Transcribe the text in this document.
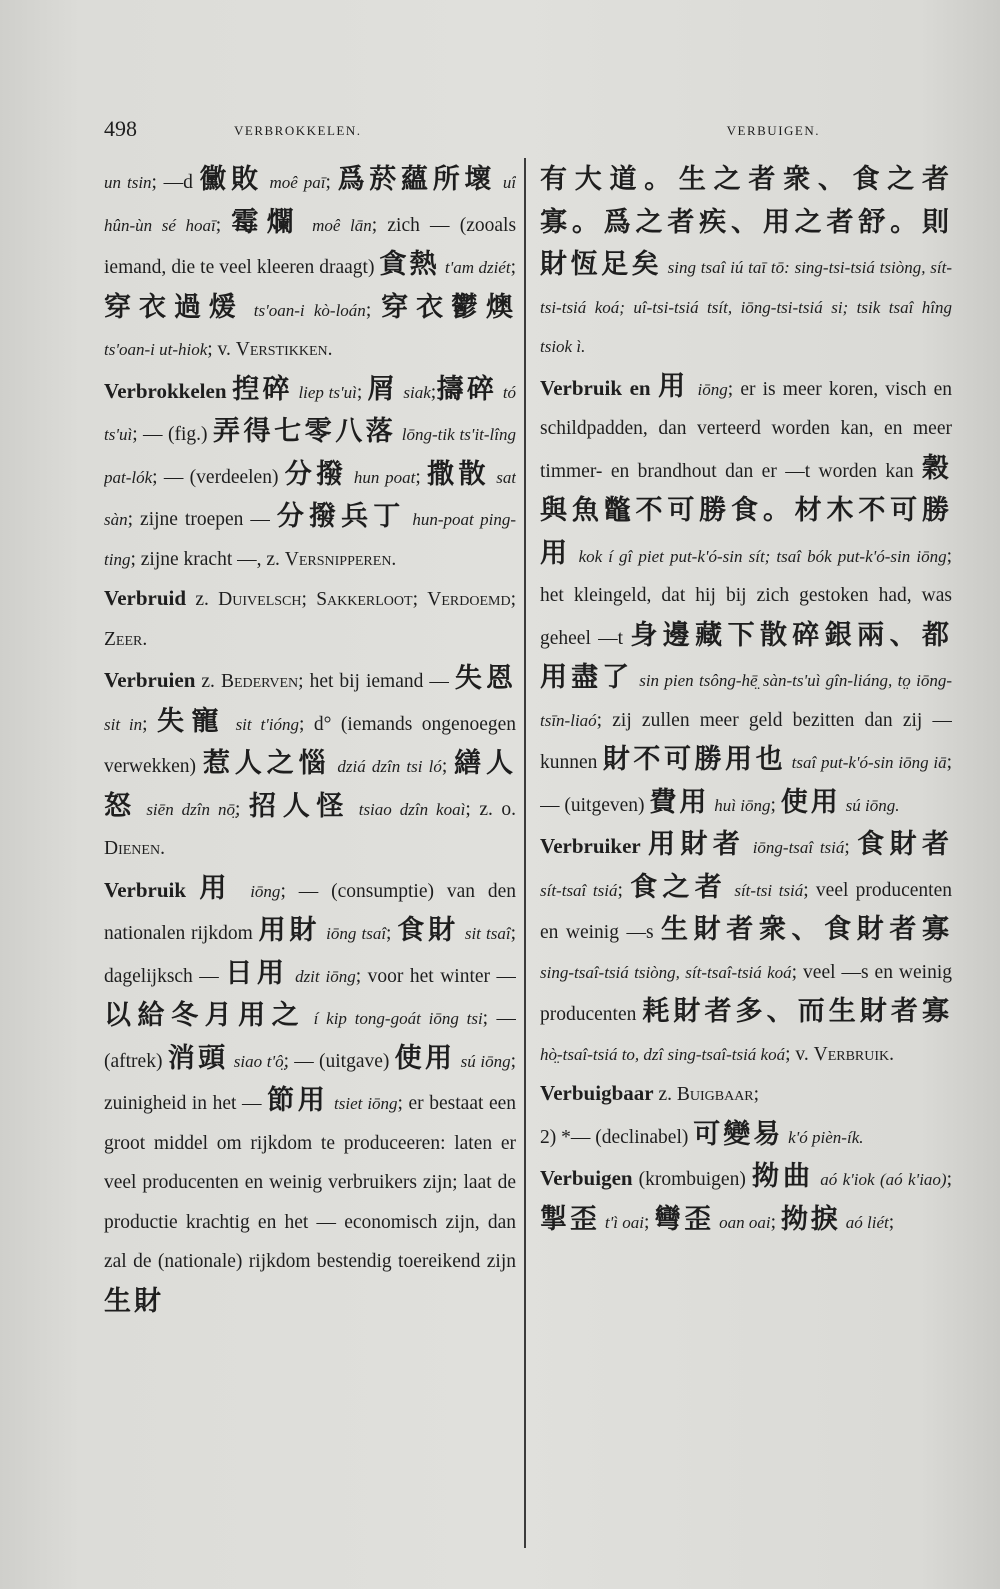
498	VERBROKKELEN.	VERBUIGEN.

un tsin; —d 黴敗 moê paī; 爲菸蘊所壞 uî hûn-ùn sé hoaī; 霉爛 moê lān; zich — (zooals iemand, die te veel kleeren draagt) 貪熱 t'am dziét; 穿衣過煖 ts'oan-i kò-loán; 穿衣鬱燠 ts'oan-i ut-hiok; v. Verstikken.

Verbrokkelen 揑碎 liep ts'uì; 屑 siak;擣碎 tó ts'uì; — (fig.) 弄得七零八落 lōng-tik ts'it-lîng pat-lók; — (verdeelen) 分撥 hun poat; 撒散 sat sàn; zijne troepen — 分撥兵丁 hun-poat ping-ting; zijne kracht —, z. Versnipperen.

Verbruid z. Duivelsch; Sakkerloot; Verdoemd; Zeer.

Verbruien z. Bederven; het bij iemand — 失恩 sit in; 失寵 sit t'ióng; d° (iemands ongenoegen verwekken) 惹人之惱 dziá dzîn tsi ló; 繕人怒 siēn dzîn nō̤; 招人怪 tsiao dzîn koaì; z. o. Dienen.

Verbruik 用 iōng; — (consumptie) van den nationalen rijkdom 用財 iōng tsaî; 食財 sit tsaî; dagelijksch — 日用 dzit iōng; voor het winter — 以給冬月用之 í kip tong-goát iōng tsi; — (aftrek) 消頭 siao t'ô̤; — (uitgave) 使用 sú iōng; zuinigheid in het — 節用 tsiet iōng; er bestaat een groot middel om rijkdom te produceeren: laten er veel producenten en weinig verbruikers zijn; laat de productie krachtig en het — economisch zijn, dan zal de (nationale) rijkdom bestendig toereikend zijn 生財

有大道。生之者衆、食之者寡。爲之者疾、用之者舒。則財恆足矣 sing tsaî iú taī tō: sing-tsi-tsiá tsiòng, sít-tsi-tsiá koá; uî-tsi-tsiá tsít, iōng-tsi-tsiá si; tsik tsaî hîng tsiok ì.

Verbruik en 用 iōng; er is meer koren, visch en schildpadden, dan verteerd worden kan, en meer timmer- en brandhout dan er —t worden kan 穀與魚鼈不可勝食。材木不可勝用 kok í gî piet put-k'ó-sin sít; tsaî bók put-k'ó-sin iōng; het kleingeld, dat hij bij zich gestoken had, was geheel —t 身邊藏下散碎銀兩、都用盡了 sin pien tsông-hē̤ sàn-ts'uì gîn-liáng, to̤ iōng-tsīn-liaó; zij zullen meer geld bezitten dan zij — kunnen 財不可勝用也 tsaî put-k'ó-sin iōng iā; — (uitgeven) 費用 huì iōng; 使用 sú iōng.

Verbruiker 用財者 iōng-tsaî tsiá; 食財者 sít-tsaî tsiá; 食之者 sít-tsi tsiá; veel producenten en weinig —s 生財者衆、食財者寡 sing-tsaî-tsiá tsiòng, sít-tsaî-tsiá koá; veel —s en weinig producenten 耗財者多、而生財者寡 hò̤-tsaî-tsiá to, dzî sing-tsaî-tsiá koá; v. Verbruik.

Verbuigbaar z. Buigbaar;

2) *— (declinabel) 可變易 k'ó pièn-ík.

Verbuigen (krombuigen) 拗曲 aó k'iok (aó k'iao); 掣歪 t'ì oai; 彎歪 oan oai; 拗捩 aó liét;
